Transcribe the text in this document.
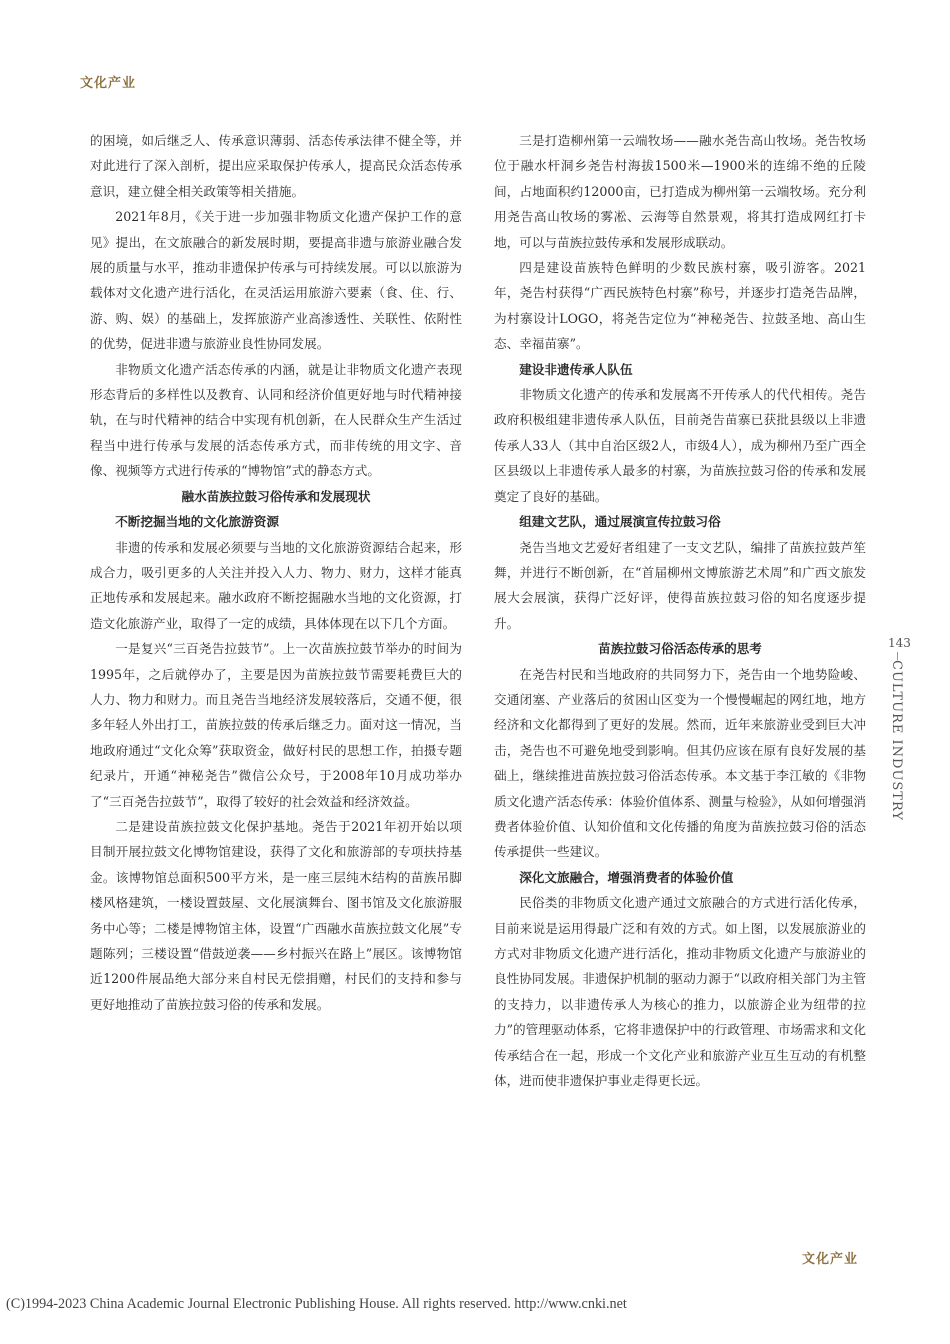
文化产业

的困境，如后继乏人、传承意识薄弱、活态传承法律不健全等，并对此进行了深入剖析，提出应采取保护传承人，提高民众活态传承意识，建立健全相关政策等相关措施。

2021年8月，《关于进一步加强非物质文化遗产保护工作的意见》提出，在文旅融合的新发展时期，要提高非遗与旅游业融合发展的质量与水平，推动非遗保护传承与可持续发展。可以以旅游为载体对文化遗产进行活化，在灵活运用旅游六要素（食、住、行、游、购、娱）的基础上，发挥旅游产业高渗透性、关联性、依附性的优势，促进非遗与旅游业良性协同发展。

非物质文化遗产活态传承的内涵，就是让非物质文化遗产表现形态背后的多样性以及教育、认同和经济价值更好地与时代精神接轨，在与时代精神的结合中实现有机创新，在人民群众生产生活过程当中进行传承与发展的活态传承方式，而非传统的用文字、音像、视频等方式进行传承的“博物馆”式的静态方式。

融水苗族拉鼓习俗传承和发展现状
不断挖掘当地的文化旅游资源

非遗的传承和发展必须要与当地的文化旅游资源结合起来，形成合力，吸引更多的人关注并投入人力、物力、财力，这样才能真正地传承和发展起来。融水政府不断挖掘融水当地的文化资源，打造文化旅游产业，取得了一定的成绩，具体体现在以下几个方面。

一是复兴“三百尧告拉鼓节”。上一次苗族拉鼓节举办的时间为1995年，之后就停办了，主要是因为苗族拉鼓节需要耗费巨大的人力、物力和财力。而且尧告当地经济发展较落后，交通不便，很多年轻人外出打工，苗族拉鼓的传承后继乏力。面对这一情况，当地政府通过“文化众筹”获取资金，做好村民的思想工作，拍摄专题纪录片，开通“神秘尧告”微信公众号，于2008年10月成功举办了“三百尧告拉鼓节”，取得了较好的社会效益和经济效益。

二是建设苗族拉鼓文化保护基地。尧告于2021年初开始以项目制开展拉鼓文化博物馆建设，获得了文化和旅游部的专项扶持基金。该博物馆总面积500平方米，是一座三层纯木结构的苗族吊脚楼风格建筑，一楼设置鼓屋、文化展演舞台、图书馆及文化旅游服务中心等；二楼是博物馆主体，设置“广西融水苗族拉鼓文化展”专题陈列；三楼设置“借鼓逆袭——乡村振兴在路上”展区。该博物馆近1200件展品绝大部分来自村民无偿捐赠，村民们的支持和参与更好地推动了苗族拉鼓习俗的传承和发展。

三是打造柳州第一云端牧场——融水尧告高山牧场。尧告牧场位于融水杆洞乡尧告村海拔1500米—1900米的连绵不绝的丘陵间，占地面积约12000亩，已打造成为柳州第一云端牧场。充分利用尧告高山牧场的雾凇、云海等自然景观，将其打造成网红打卡地，可以与苗族拉鼓传承和发展形成联动。

四是建设苗族特色鲜明的少数民族村寨，吸引游客。2021年，尧告村获得“广西民族特色村寨”称号，并逐步打造尧告品牌，为村寨设计LOGO，将尧告定位为“神秘尧告、拉鼓圣地、高山生态、幸福苗寨”。

建设非遗传承人队伍

非物质文化遗产的传承和发展离不开传承人的代代相传。尧告政府积极组建非遗传承人队伍，目前尧告苗寨已获批县级以上非遗传承人33人（其中自治区级2人，市级4人），成为柳州乃至广西全区县级以上非遗传承人最多的村寨，为苗族拉鼓习俗的传承和发展奠定了良好的基础。

组建文艺队，通过展演宣传拉鼓习俗

尧告当地文艺爱好者组建了一支文艺队，编排了苗族拉鼓芦笙舞，并进行不断创新，在“首届柳州文博旅游艺术周”和广西文旅发展大会展演，获得广泛好评，使得苗族拉鼓习俗的知名度逐步提升。

苗族拉鼓习俗活态传承的思考

在尧告村民和当地政府的共同努力下，尧告由一个地势险峻、交通闭塞、产业落后的贫困山区变为一个慢慢崛起的网红地，地方经济和文化都得到了更好的发展。然而，近年来旅游业受到巨大冲击，尧告也不可避免地受到影响。但其仍应该在原有良好发展的基础上，继续推进苗族拉鼓习俗活态传承。本文基于李江敏的《非物质文化遗产活态传承：体验价值体系、测量与检验》，从如何增强消费者体验价值、认知价值和文化传播的角度为苗族拉鼓习俗的活态传承提供一些建议。

深化文旅融合，增强消费者的体验价值

民俗类的非物质文化遗产通过文旅融合的方式进行活化传承，目前来说是运用得最广泛和有效的方式。如上图，以发展旅游业的方式对非物质文化遗产进行活化，推动非物质文化遗产与旅游业的良性协同发展。非遗保护机制的驱动力源于“以政府相关部门为主管的支持力，以非遗传承人为核心的推力，以旅游企业为纽带的拉力”的管理驱动体系，它将非遗保护中的行政管理、市场需求和文化传承结合在一起，形成一个文化产业和旅游产业互生互动的有机整体，进而使非遗保护事业走得更长远。

143
CULTURE INDUSTRY
文化产业
(C)1994-2023 China Academic Journal Electronic Publishing House. All rights reserved. http://www.cnki.net
